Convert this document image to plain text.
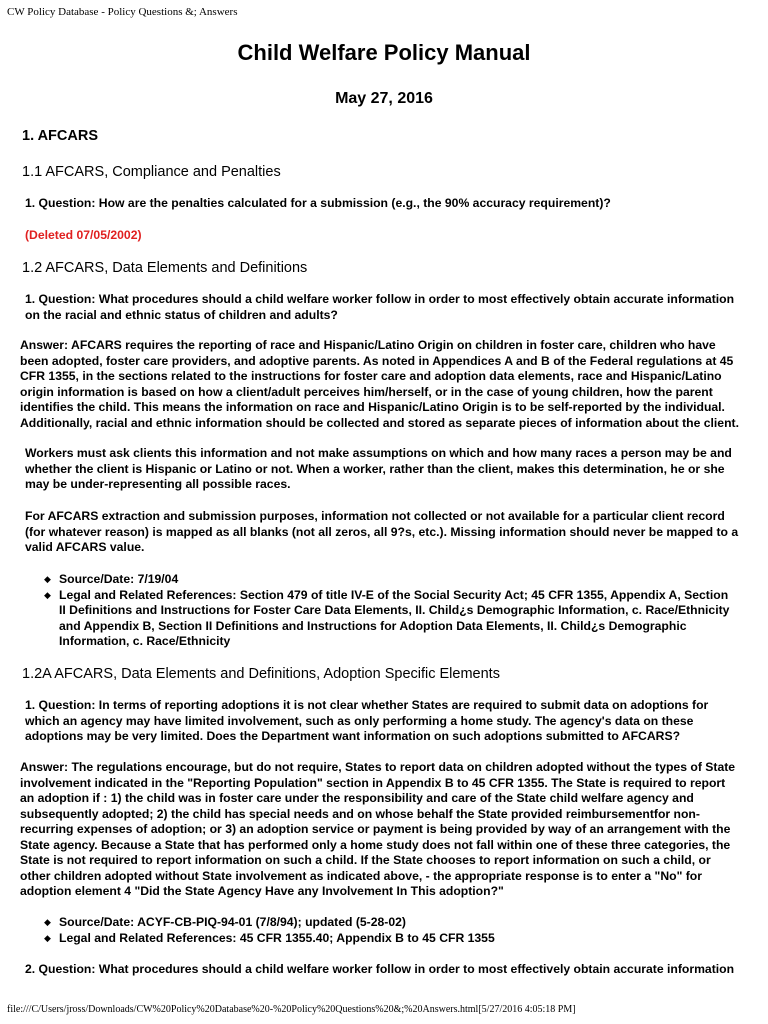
CW Policy Database - Policy Questions &; Answers
Child Welfare Policy Manual
May 27, 2016
1. AFCARS
1.1 AFCARS, Compliance and Penalties

1. Question: How are the penalties calculated for a submission (e.g., the 90% accuracy requirement)?

(Deleted 07/05/2002)

1.2 AFCARS, Data Elements and Definitions

1. Question: What procedures should a child welfare worker follow in order to most effectively obtain accurate information on the racial and ethnic status of children and adults?

Answer: AFCARS requires the reporting of race and Hispanic/Latino Origin on children in foster care, children who have been adopted, foster care providers, and adoptive parents. As noted in Appendices A and B of the Federal regulations at 45 CFR 1355, in the sections related to the instructions for foster care and adoption data elements, race and Hispanic/Latino origin information is based on how a client/adult perceives him/herself, or in the case of young children, how the parent identifies the child. This means the information on race and Hispanic/Latino Origin is to be self-reported by the individual. Additionally, racial and ethnic information should be collected and stored as separate pieces of information about the client.

Workers must ask clients this information and not make assumptions on which and how many races a person may be and whether the client is Hispanic or Latino or not. When a worker, rather than the client, makes this determination, he or she may be under-representing all possible races.

For AFCARS extraction and submission purposes, information not collected or not available for a particular client record (for whatever reason) is mapped as all blanks (not all zeros, all 9?s, etc.). Missing information should never be mapped to a valid AFCARS value.

◆ Source/Date: 7/19/04
◆ Legal and Related References: Section 479 of title IV-E of the Social Security Act; 45 CFR 1355, Appendix A, Section II Definitions and Instructions for Foster Care Data Elements, II. Child¿s Demographic Information, c. Race/Ethnicity and Appendix B, Section II Definitions and Instructions for Adoption Data Elements, II. Child¿s Demographic Information, c. Race/Ethnicity
1.2A AFCARS, Data Elements and Definitions, Adoption Specific Elements

1. Question: In terms of reporting adoptions it is not clear whether States are required to submit data on adoptions for which an agency may have limited involvement, such as only performing a home study. The agency's data on these adoptions may be very limited. Does the Department want information on such adoptions submitted to AFCARS?

Answer: The regulations encourage, but do not require, States to report data on children adopted without the types of State involvement indicated in the "Reporting Population" section in Appendix B to 45 CFR 1355. The State is required to report an adoption if : 1) the child was in foster care under the responsibility and care of the State child welfare agency and subsequently adopted; 2) the child has special needs and on whose behalf the State provided reimbursementfor non-recurring expenses of adoption; or 3) an adoption service or payment is being provided by way of an arrangement with the State agency. Because a State that has performed only a home study does not fall within one of these three categories, the State is not required to report information on such a child. If the State chooses to report information on such a child, or other children adopted without State involvement as indicated above, - the appropriate response is to enter a "No" for adoption element 4 "Did the State Agency Have any Involvement In This adoption?"

◆ Source/Date: ACYF-CB-PIQ-94-01 (7/8/94); updated (5-28-02)
◆ Legal and Related References: 45 CFR 1355.40; Appendix B to 45 CFR 1355

2. Question: What procedures should a child welfare worker follow in order to most effectively obtain accurate information

file:///C/Users/jross/Downloads/CW%20Policy%20Database%20-%20Policy%20Questions%20&;%20Answers.html[5/27/2016 4:05:18 PM]
